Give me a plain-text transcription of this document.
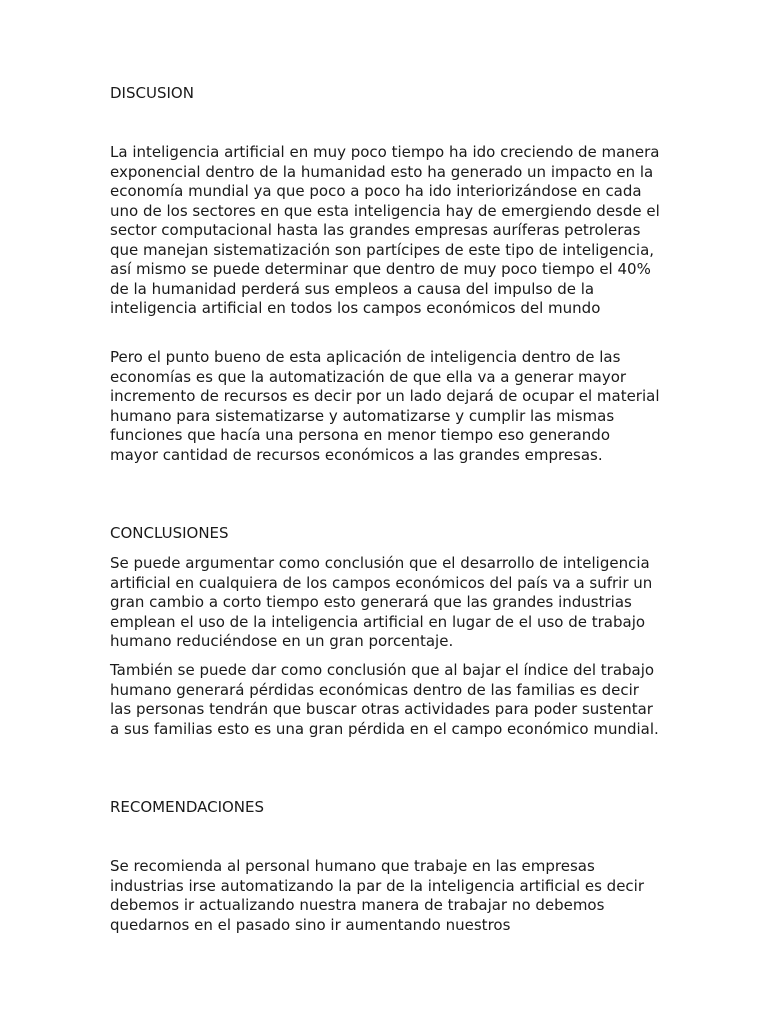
DISCUSION

La inteligencia artificial en muy poco tiempo ha ido creciendo de manera exponencial dentro de la humanidad esto ha generado un impacto en la economía mundial ya que poco a poco ha ido interiorizándose en cada uno de los sectores en que esta inteligencia hay de emergiendo desde el sector computacional hasta las grandes empresas auríferas petroleras que manejan sistematización son partícipes de este tipo de inteligencia, así mismo se puede determinar que dentro de muy poco tiempo el 40% de la humanidad perderá sus empleos a causa del impulso de la inteligencia artificial en todos los campos económicos del mundo

Pero el punto bueno de esta aplicación de inteligencia dentro de las economías es que la automatización de que ella va a generar mayor incremento de recursos es decir por un lado dejará de ocupar el material humano para sistematizarse y automatizarse y cumplir las mismas funciones que hacía una persona en menor tiempo eso generando mayor cantidad de recursos económicos a las grandes empresas.

CONCLUSIONES

Se puede argumentar como conclusión que el desarrollo de inteligencia artificial en cualquiera de los campos económicos del país va a sufrir un gran cambio a corto tiempo esto generará que las grandes industrias emplean el uso de la inteligencia artificial en lugar de el uso de trabajo humano reduciéndose en un gran porcentaje.

También se puede dar como conclusión que al bajar el índice del trabajo humano generará pérdidas económicas dentro de las familias es decir las personas tendrán que buscar otras actividades para poder sustentar a sus familias esto es una gran pérdida en el campo económico mundial.

RECOMENDACIONES

Se recomienda al personal humano que trabaje en las empresas industrias irse automatizando la par de la inteligencia artificial es decir debemos ir actualizando nuestra manera de trabajar no debemos quedarnos en el pasado sino ir aumentando nuestros
